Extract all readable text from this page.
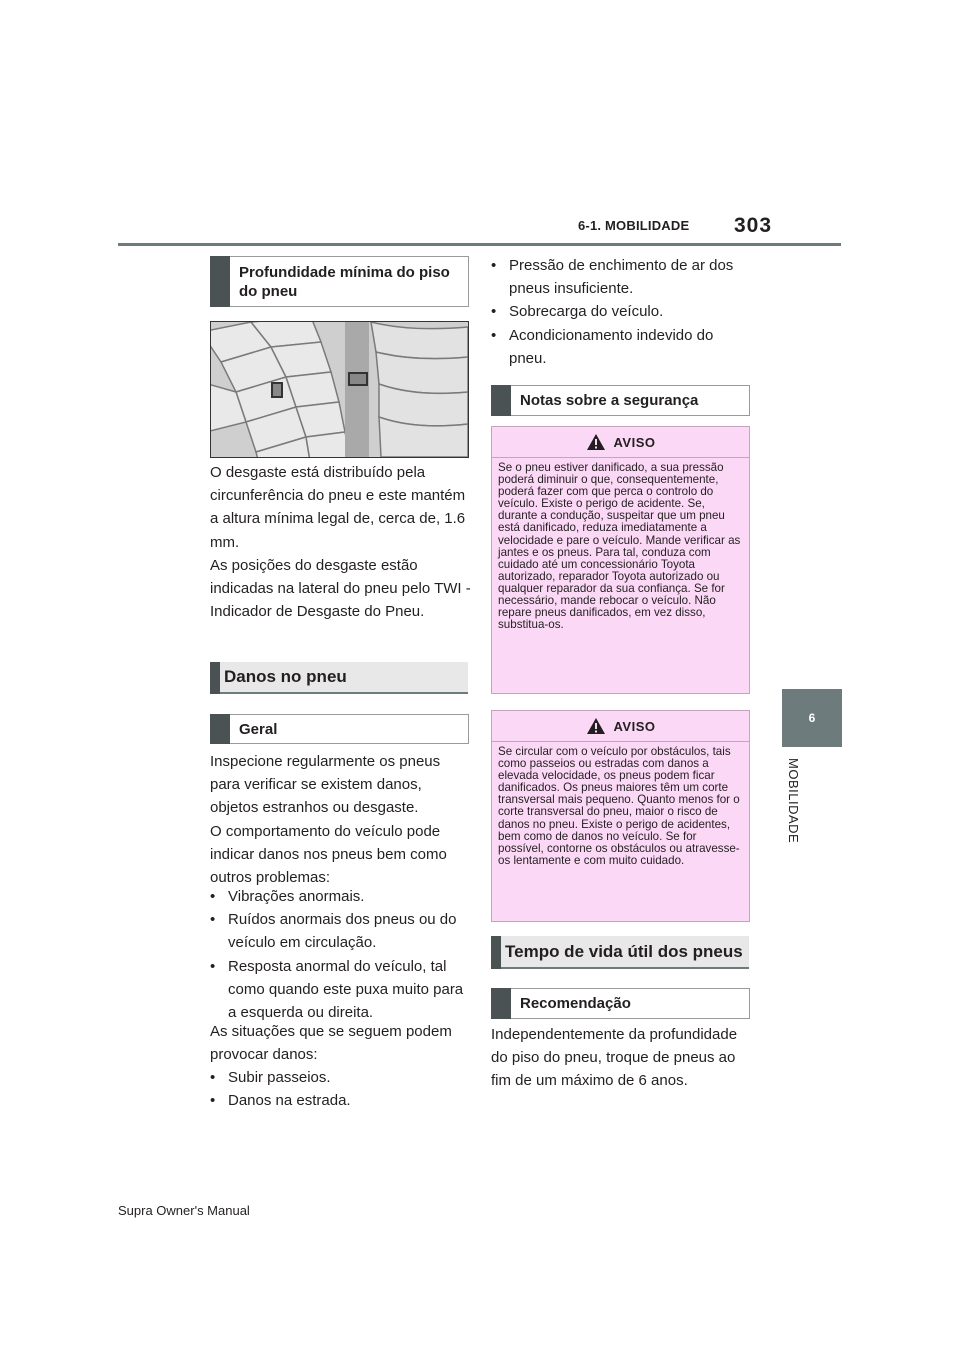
6-1. MOBILIDADE 303
6
MOBILIDADE
Profundidade mínima do piso do pneu
O desgaste está distribuído pela circunferência do pneu e este mantém a altura mínima legal de, cerca de, 1.6 mm.
As posições do desgaste estão indicadas na lateral do pneu pelo TWI - Indicador de Desgaste do Pneu.
Danos no pneu
Geral
Inspecione regularmente os pneus para verificar se existem danos, objetos estranhos ou desgaste.
O comportamento do veículo pode indicar danos nos pneus bem como outros problemas:
• Vibrações anormais.
• Ruídos anormais dos pneus ou do veículo em circulação.
• Resposta anormal do veículo, tal como quando este puxa muito para a esquerda ou direita.
As situações que se seguem podem provocar danos:
• Subir passeios.
• Danos na estrada.
• Pressão de enchimento de ar dos pneus insuficiente.
• Sobrecarga do veículo.
• Acondicionamento indevido do pneu.
Notas sobre a segurança
AVISO
Se o pneu estiver danificado, a sua pressão poderá diminuir o que, consequentemente, poderá fazer com que perca o controlo do veículo. Existe o perigo de acidente. Se, durante a condução, suspeitar que um pneu está danificado, reduza imediatamente a velocidade e pare o veículo. Mande verificar as jantes e os pneus. Para tal, conduza com cuidado até um concessionário Toyota autorizado, reparador Toyota autorizado ou qualquer reparador da sua confiança. Se for necessário, mande rebocar o veículo. Não repare pneus danificados, em vez disso, substitua-os.
AVISO
Se circular com o veículo por obstáculos, tais como passeios ou estradas com danos a elevada velocidade, os pneus podem ficar danificados. Os pneus maiores têm um corte transversal mais pequeno. Quanto menos for o corte transversal do pneu, maior o risco de danos no pneu. Existe o perigo de acidentes, bem como de danos no veículo. Se for possível, contorne os obstáculos ou atravesse-os lentamente e com muito cuidado.
Tempo de vida útil dos pneus
Recomendação
Independentemente da profundidade do piso do pneu, troque de pneus ao fim de um máximo de 6 anos.
Supra Owner's Manual
